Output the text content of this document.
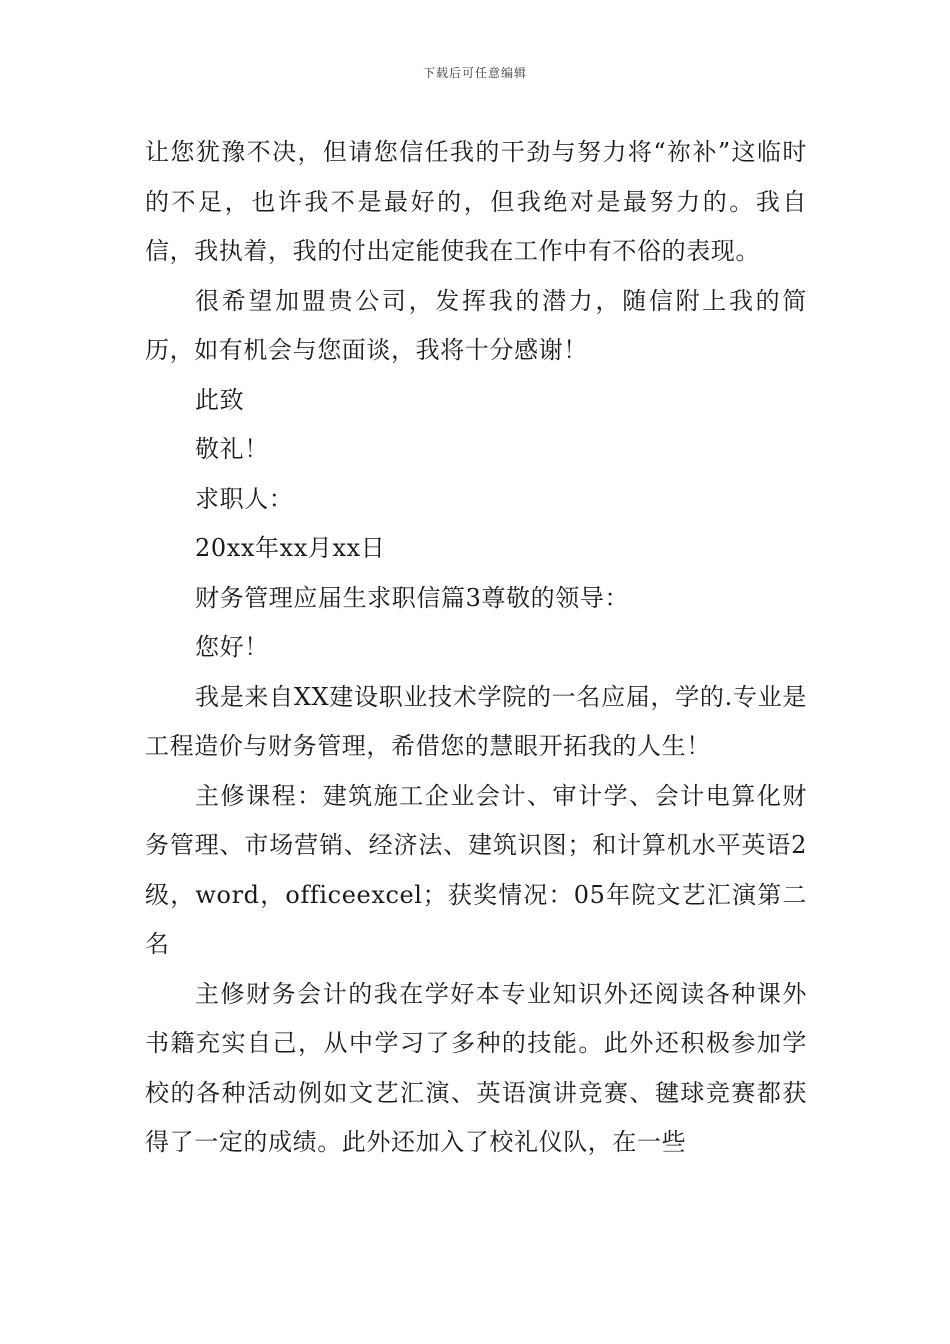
下载后可任意编辑

让您犹豫不决，但请您信任我的干劲与努力将“祢补”这临时的不足，也许我不是最好的，但我绝对是最努力的。我自信，我执着，我的付出定能使我在工作中有不俗的表现。

很希望加盟贵公司，发挥我的潜力，随信附上我的简历，如有机会与您面谈，我将十分感谢！

此致

敬礼！

求职人：

20xx年xx月xx日

财务管理应届生求职信篇3尊敬的领导：

您好！

我是来自XX建设职业技术学院的一名应届，学的.专业是工程造价与财务管理，希借您的慧眼开拓我的人生！

主修课程：建筑施工企业会计、审计学、会计电算化财务管理、市场营销、经济法、建筑识图；和计算机水平英语2级，word，officeexcel；获奖情况：05年院文艺汇演第二名

主修财务会计的我在学好本专业知识外还阅读各种课外书籍充实自己，从中学习了多种的技能。此外还积极参加学校的各种活动例如文艺汇演、英语演讲竞赛、毽球竞赛都获得了一定的成绩。此外还加入了校礼仪队，在一些
